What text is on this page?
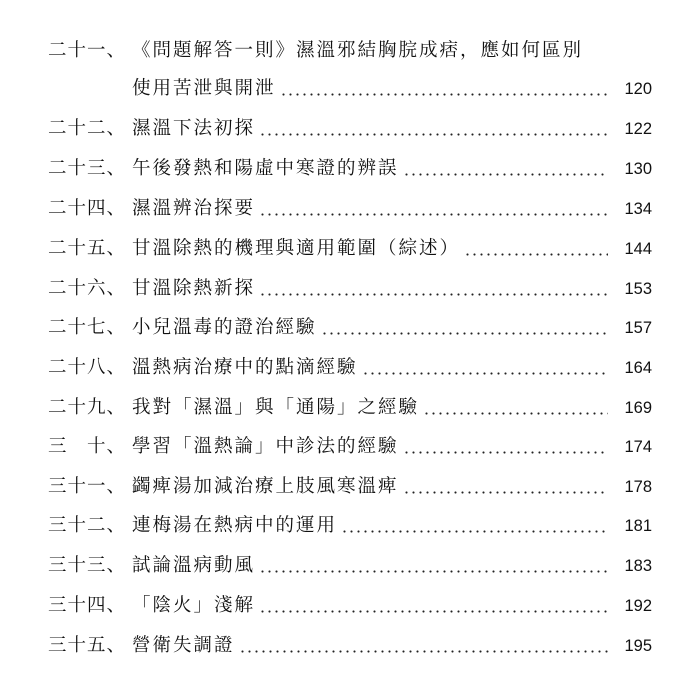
二十一、 《問題解答一則》濕溫邪結胸脘成痞，應如何區別
使用苦泄與開泄	120
二十二、 濕溫下法初探	122
二十三、 午後發熱和陽虛中寒證的辨誤	130
二十四、 濕溫辨治探要	134
二十五、 甘溫除熱的機理與適用範圍（綜述）	144
二十六、 甘溫除熱新探	153
二十七、 小兒溫毒的證治經驗	157
二十八、 溫熱病治療中的點滴經驗	164
二十九、 我對「濕溫」與「通陽」之經驗	169
三　十、 學習「溫熱論」中診法的經驗	174
三十一、 蠲痺湯加減治療上肢風寒溫痺	178
三十二、 連梅湯在熱病中的運用	181
三十三、 試論溫病動風	183
三十四、 「陰火」淺解	192
三十五、 營衛失調證	195
